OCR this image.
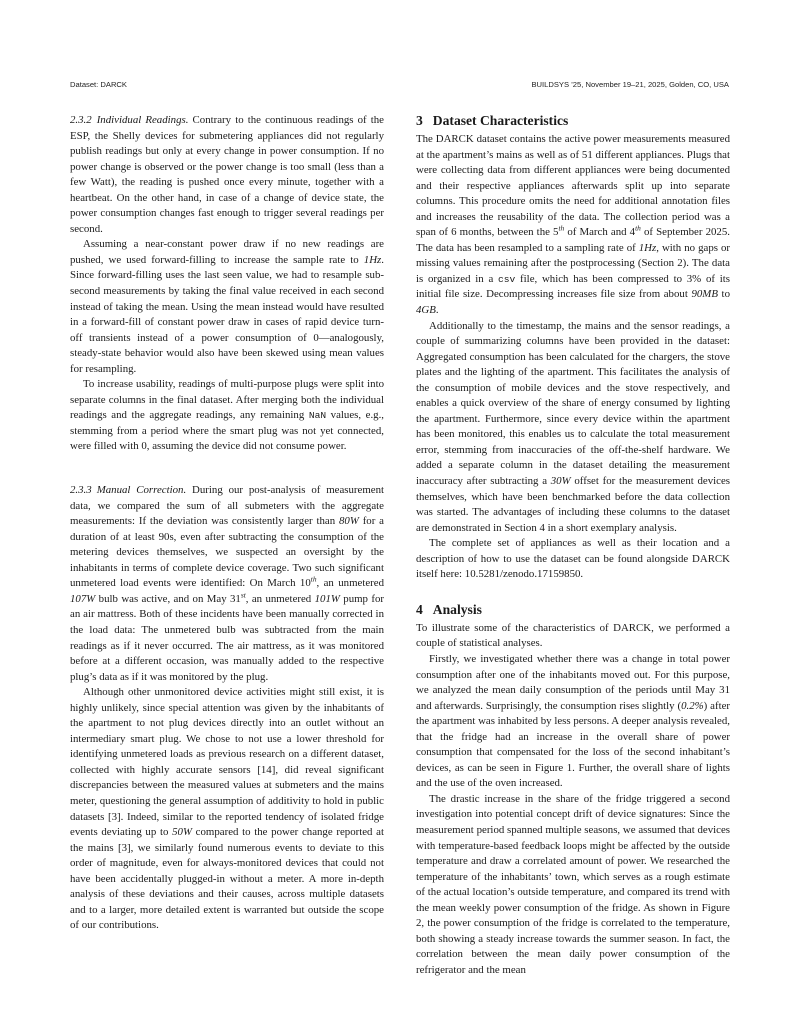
Dataset: DARCK	BUILDSYS ’25, November 19–21, 2025, Golden, CO, USA

2.3.2 Individual Readings. Contrary to the continuous readings of the ESP, the Shelly devices for submetering appliances did not regularly publish readings but only at every change in power consumption. If no power change is observed or the power change is too small (less than a few Watt), the reading is pushed once every minute, together with a heartbeat. On the other hand, in case of a change of device state, the power consumption changes fast enough to trigger several readings per second.

Assuming a near-constant power draw if no new readings are pushed, we used forward-filling to increase the sample rate to 1Hz. Since forward-filling uses the last seen value, we had to resample sub-second measurements by taking the final value received in each second instead of taking the mean. Using the mean instead would have resulted in a forward-fill of constant power draw in cases of rapid device turn-off transients instead of a power consumption of 0—analogously, steady-state behavior would also have been skewed using mean values for resampling.

To increase usability, readings of multi-purpose plugs were split into separate columns in the final dataset. After merging both the individual readings and the aggregate readings, any remaining NaN values, e.g., stemming from a period where the smart plug was not yet connected, were filled with 0, assuming the device did not consume power.

2.3.3 Manual Correction. During our post-analysis of measurement data, we compared the sum of all submeters with the aggregate measurements: If the deviation was consistently larger than 80W for a duration of at least 90s, even after subtracting the consumption of the metering devices themselves, we suspected an oversight by the inhabitants in terms of complete device coverage. Two such significant unmetered load events were identified: On March 10th, an unmetered 107W bulb was active, and on May 31st, an unmetered 101W pump for an air mattress. Both of these incidents have been manually corrected in the load data: The unmetered bulb was subtracted from the main readings as if it never occurred. The air mattress, as it was monitored before at a different occasion, was manually added to the respective plug’s data as if it was monitored by the plug.

Although other unmonitored device activities might still exist, it is highly unlikely, since special attention was given by the inhabitants of the apartment to not plug devices directly into an outlet without an intermediary smart plug. We chose to not use a lower threshold for identifying unmetered loads as previous research on a different dataset, collected with highly accurate sensors [14], did reveal significant discrepancies between the measured values at submeters and the mains meter, questioning the general assumption of additivity to hold in public datasets [3]. Indeed, similar to the reported tendency of isolated fridge events deviating up to 50W compared to the power change reported at the mains [3], we similarly found numerous events to deviate to this order of magnitude, even for always-monitored devices that could not have been accidentally plugged-in without a meter. A more in-depth analysis of these deviations and their causes, across multiple datasets and to a larger, more detailed extent is warranted but outside the scope of our contributions.

3 Dataset Characteristics

The DARCK dataset contains the active power measurements measured at the apartment’s mains as well as of 51 different appliances. Plugs that were collecting data from different appliances were being documented and their respective appliances afterwards split up into separate columns. This procedure omits the need for additional annotation files and increases the reusability of the data. The collection period was a span of 6 months, between the 5th of March and 4th of September 2025. The data has been resampled to a sampling rate of 1Hz, with no gaps or missing values remaining after the postprocessing (Section 2). The data is organized in a csv file, which has been compressed to 3% of its initial file size. Decompressing increases file size from about 90MB to 4GB.

Additionally to the timestamp, the mains and the sensor readings, a couple of summarizing columns have been provided in the dataset: Aggregated consumption has been calculated for the chargers, the stove plates and the lighting of the apartment. This facilitates the analysis of the consumption of mobile devices and the stove respectively, and enables a quick overview of the share of energy consumed by lighting the apartment. Furthermore, since every device within the apartment has been monitored, this enables us to calculate the total measurement error, stemming from inaccuracies of the off-the-shelf hardware. We added a separate column in the dataset detailing the measurement inaccuracy after subtracting a 30W offset for the measurement devices themselves, which have been benchmarked before the data collection was started. The advantages of including these columns to the dataset are demonstrated in Section 4 in a short exemplary analysis.

The complete set of appliances as well as their location and a description of how to use the dataset can be found alongside DARCK itself here: 10.5281/zenodo.17159850.

4 Analysis

To illustrate some of the characteristics of DARCK, we performed a couple of statistical analyses.

Firstly, we investigated whether there was a change in total power consumption after one of the inhabitants moved out. For this purpose, we analyzed the mean daily consumption of the periods until May 31 and afterwards. Surprisingly, the consumption rises slightly (0.2%) after the apartment was inhabited by less persons. A deeper analysis revealed, that the fridge had an increase in the overall share of power consumption that compensated for the loss of the second inhabitant’s devices, as can be seen in Figure 1. Further, the overall share of lights and the use of the oven increased.

The drastic increase in the share of the fridge triggered a second investigation into potential concept drift of device signatures: Since the measurement period spanned multiple seasons, we assumed that devices with temperature-based feedback loops might be affected by the outside temperature and draw a correlated amount of power. We researched the temperature of the inhabitants’ town, which serves as a rough estimate of the actual location’s outside temperature, and compared its trend with the mean weekly power consumption of the fridge. As shown in Figure 2, the power consumption of the fridge is correlated to the temperature, both showing a steady increase towards the summer season. In fact, the correlation between the mean daily power consumption of the refrigerator and the mean
